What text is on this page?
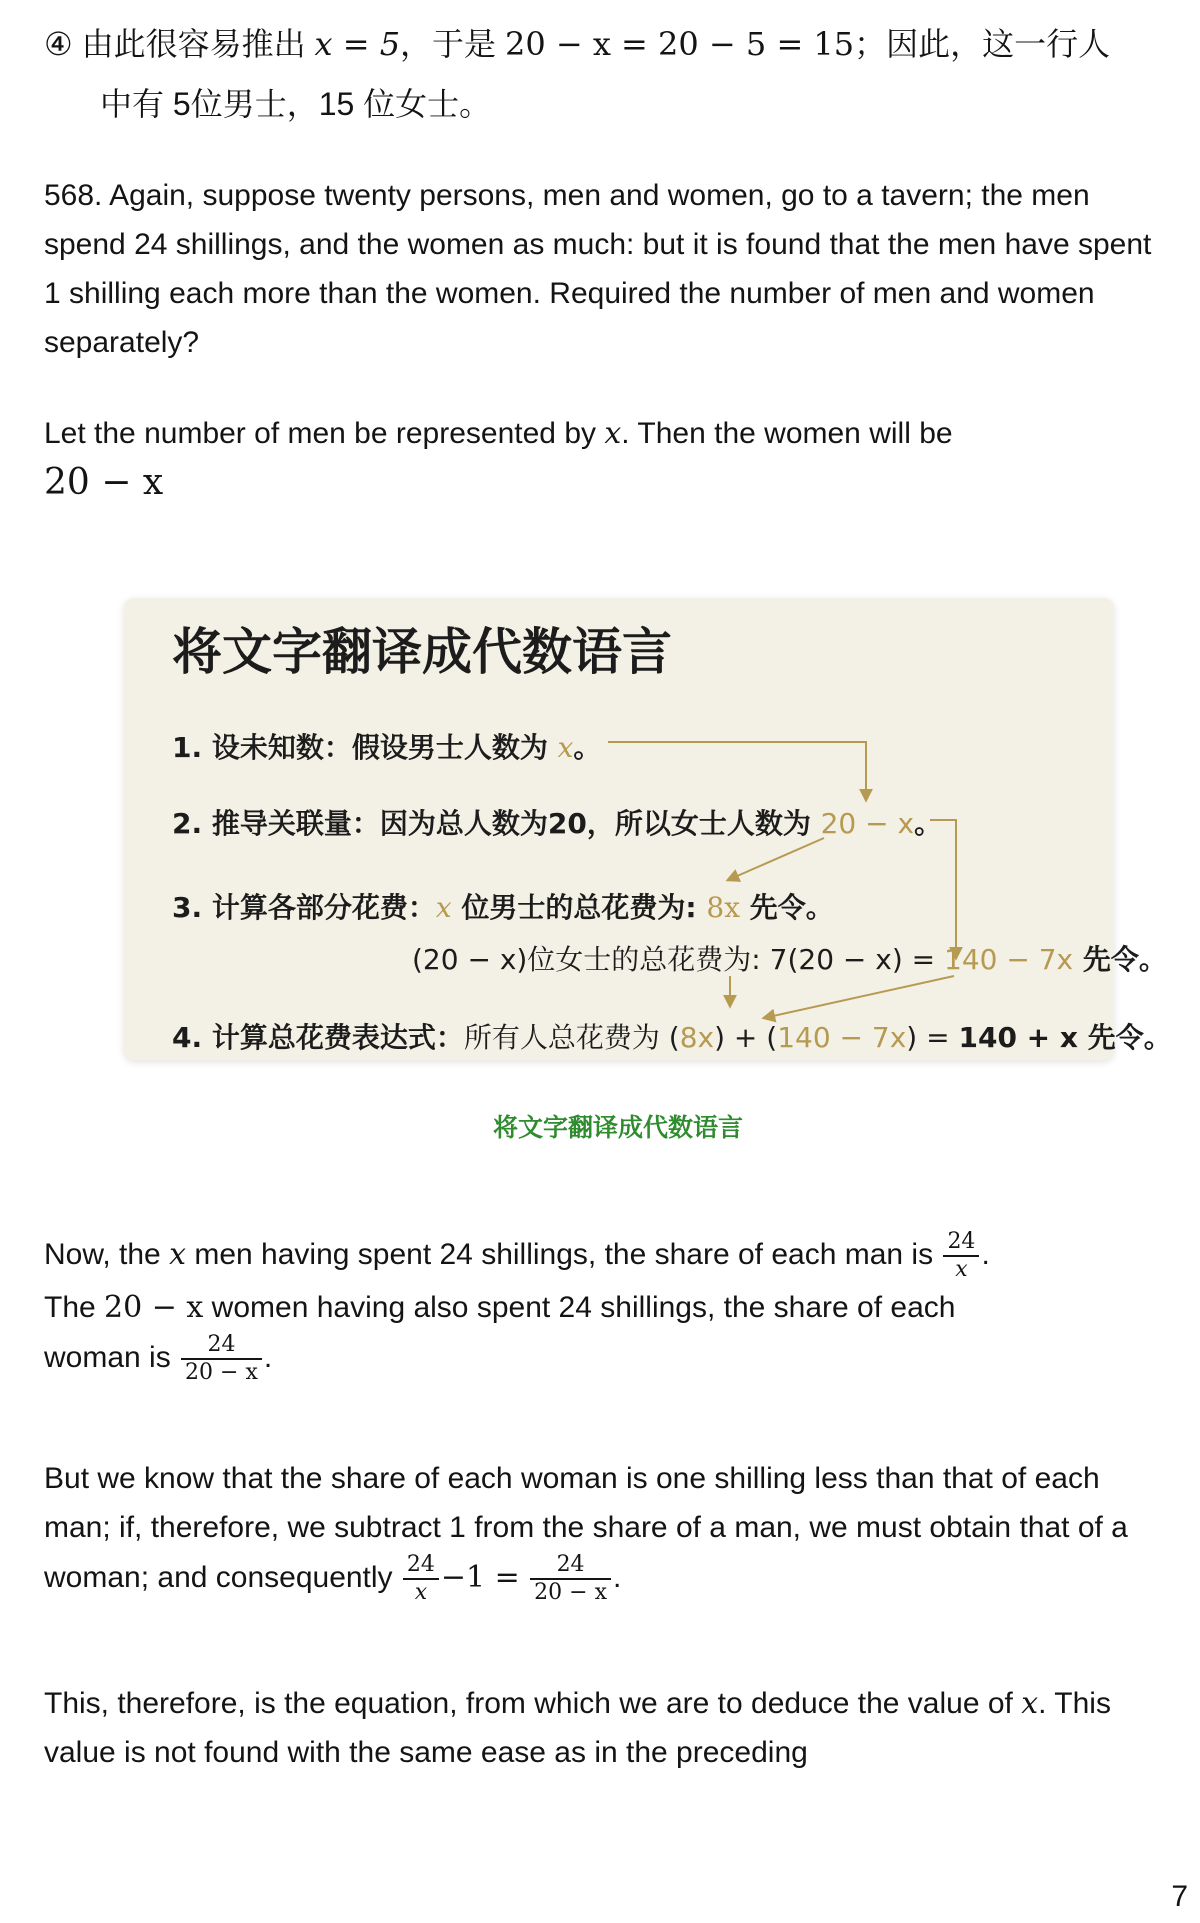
④ 由此很容易推出 x = 5，于是 20 − x = 20 − 5 = 15；因此，这一行人
中有 5位男士，15 位女士。

568. Again, suppose twenty persons, men and women, go to a tavern; the men spend 24 shillings, and the women as much: but it is found that the men have spent 1 shilling each more than the women. Required the number of men and women separately?

Let the number of men be represented by x. Then the women will be
20 − x
将文字翻译成代数语言
1. 设未知数：假设男士人数为 x。
2. 推导关联量：因为总人数为20，所以女士人数为 20 − x。
3. 计算各部分花费：x 位男士的总花费为: 8x 先令。
(20 − x)位女士的总花费为: 7(20 − x) = 140 − 7x 先令。
4. 计算总花费表达式：所有人总花费为 (8x) + (140 − 7x) = 140 + x 先令。
将文字翻译成代数语言
Now, the x men having spent 24 shillings, the share of each man is $\frac{24}{x}$ .
The 20 − x women having also spent 24 shillings, the share of each
woman is $\frac{24}{20 - x}$ .
But we know that the share of each woman is one shilling less than that of each man; if, therefore, we subtract 1 from the share of a man, we must obtain that of a woman; and consequently $\frac{24}{x} -1 = \frac{24}{20 - x}$ .
This, therefore, is the equation, from which we are to deduce the value of x. This value is not found with the same ease as in the preceding
7
